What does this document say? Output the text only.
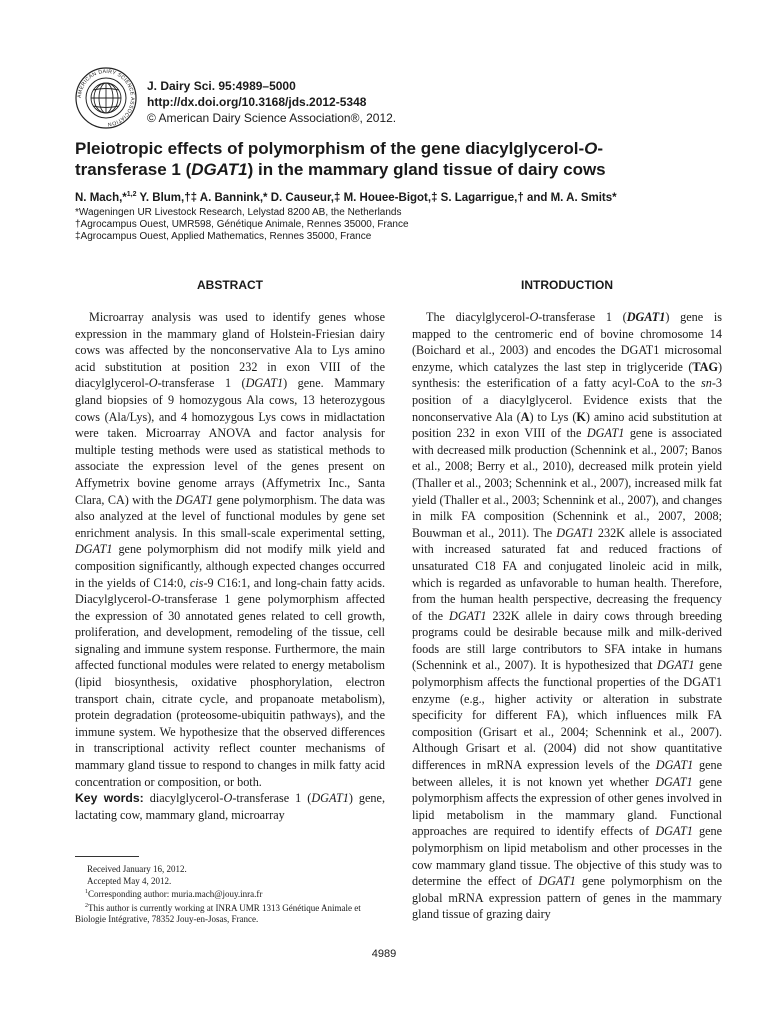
AMERICAN DAIRY SCIENCE ASSOCIATION
J. Dairy Sci. 95:4989–5000
http://dx.doi.org/10.3168/jds.2012-5348
© American Dairy Science Association®, 2012.
Pleiotropic effects of polymorphism of the gene diacylglycerol-O-
transferase 1 (DGAT1) in the mammary gland tissue of dairy cows
N. Mach,*$^{1,2}$ Y. Blum,†‡ A. Bannink,* D. Causeur,‡ M. Houee-Bigot,‡ S. Lagarrigue,† and M. A. Smits*
*Wageningen UR Livestock Research, Lelystad 8200 AB, the Netherlands
†Agrocampus Ouest, UMR598, Génétique Animale, Rennes 35000, France
‡Agrocampus Ouest, Applied Mathematics, Rennes 35000, France
ABSTRACT

Microarray analysis was used to identify genes whose expression in the mammary gland of Holstein-Friesian dairy cows was affected by the nonconservative Ala to Lys amino acid substitution at position 232 in exon VIII of the diacylglycerol-O-transferase 1 (DGAT1) gene. Mammary gland biopsies of 9 homozygous Ala cows, 13 heterozygous cows (Ala/Lys), and 4 homozygous Lys cows in midlactation were taken. Microarray ANOVA and factor analysis for multiple testing methods were used as statistical methods to associate the expression level of the genes present on Affymetrix bovine genome arrays (Affymetrix Inc., Santa Clara, CA) with the DGAT1 gene polymorphism. The data was also analyzed at the level of functional modules by gene set enrichment analysis. In this small-scale experimental setting, DGAT1 gene polymorphism did not modify milk yield and composition significantly, although expected changes occurred in the yields of C14:0, cis-9 C16:1, and long-chain fatty acids. Diacylglycerol-O-transferase 1 gene polymorphism affected the expression of 30 annotated genes related to cell growth, proliferation, and development, remodeling of the tissue, cell signaling and immune system response. Furthermore, the main affected functional modules were related to energy metabolism (lipid biosynthesis, oxidative phosphorylation, electron transport chain, citrate cycle, and propanoate metabolism), protein degradation (proteosome-ubiquitin pathways), and the immune system. We hypothesize that the observed differences in transcriptional activity reflect counter mechanisms of mammary gland tissue to respond to changes in milk fatty acid concentration or composition, or both.

Key words: diacylglycerol-O-transferase 1 (DGAT1) gene, lactating cow, mammary gland, microarray
INTRODUCTION

The diacylglycerol-O-transferase 1 (DGAT1) gene is mapped to the centromeric end of bovine chromosome 14 (Boichard et al., 2003) and encodes the DGAT1 microsomal enzyme, which catalyzes the last step in triglyceride (TAG) synthesis: the esterification of a fatty acyl-CoA to the sn-3 position of a diacylglycerol. Evidence exists that the nonconservative Ala (A) to Lys (K) amino acid substitution at position 232 in exon VIII of the DGAT1 gene is associated with decreased milk production (Schennink et al., 2007; Banos et al., 2008; Berry et al., 2010), decreased milk protein yield (Thaller et al., 2003; Schennink et al., 2007), increased milk fat yield (Thaller et al., 2003; Schennink et al., 2007), and changes in milk FA composition (Schennink et al., 2007, 2008; Bouwman et al., 2011). The DGAT1 232K allele is associated with increased saturated fat and reduced fractions of unsaturated C18 FA and conjugated linoleic acid in milk, which is regarded as unfavorable to human health. Therefore, from the human health perspective, decreasing the frequency of the DGAT1 232K allele in dairy cows through breeding programs could be desirable because milk and milk-derived foods are still large contributors to SFA intake in humans (Schennink et al., 2007). It is hypothesized that DGAT1 gene polymorphism affects the functional properties of the DGAT1 enzyme (e.g., higher activity or alteration in substrate specificity for different FA), which influences milk FA composition (Grisart et al., 2004; Schennink et al., 2007). Although Grisart et al. (2004) did not show quantitative differences in mRNA expression levels of the DGAT1 gene between alleles, it is not known yet whether DGAT1 gene polymorphism affects the expression of other genes involved in lipid metabolism in the mammary gland. Functional approaches are required to identify effects of DGAT1 gene polymorphism on lipid metabolism and other processes in the cow mammary gland tissue. The objective of this study was to determine the effect of DGAT1 gene polymorphism on the global mRNA expression pattern of genes in the mammary gland tissue of grazing dairy

Received January 16, 2012.
Accepted May 4, 2012.
$^1$Corresponding author: muria.mach@jouy.inra.fr
$^2$This author is currently working at INRA UMR 1313 Génétique Animale et Biologie Intégrative, 78352 Jouy-en-Josas, France.
4989
